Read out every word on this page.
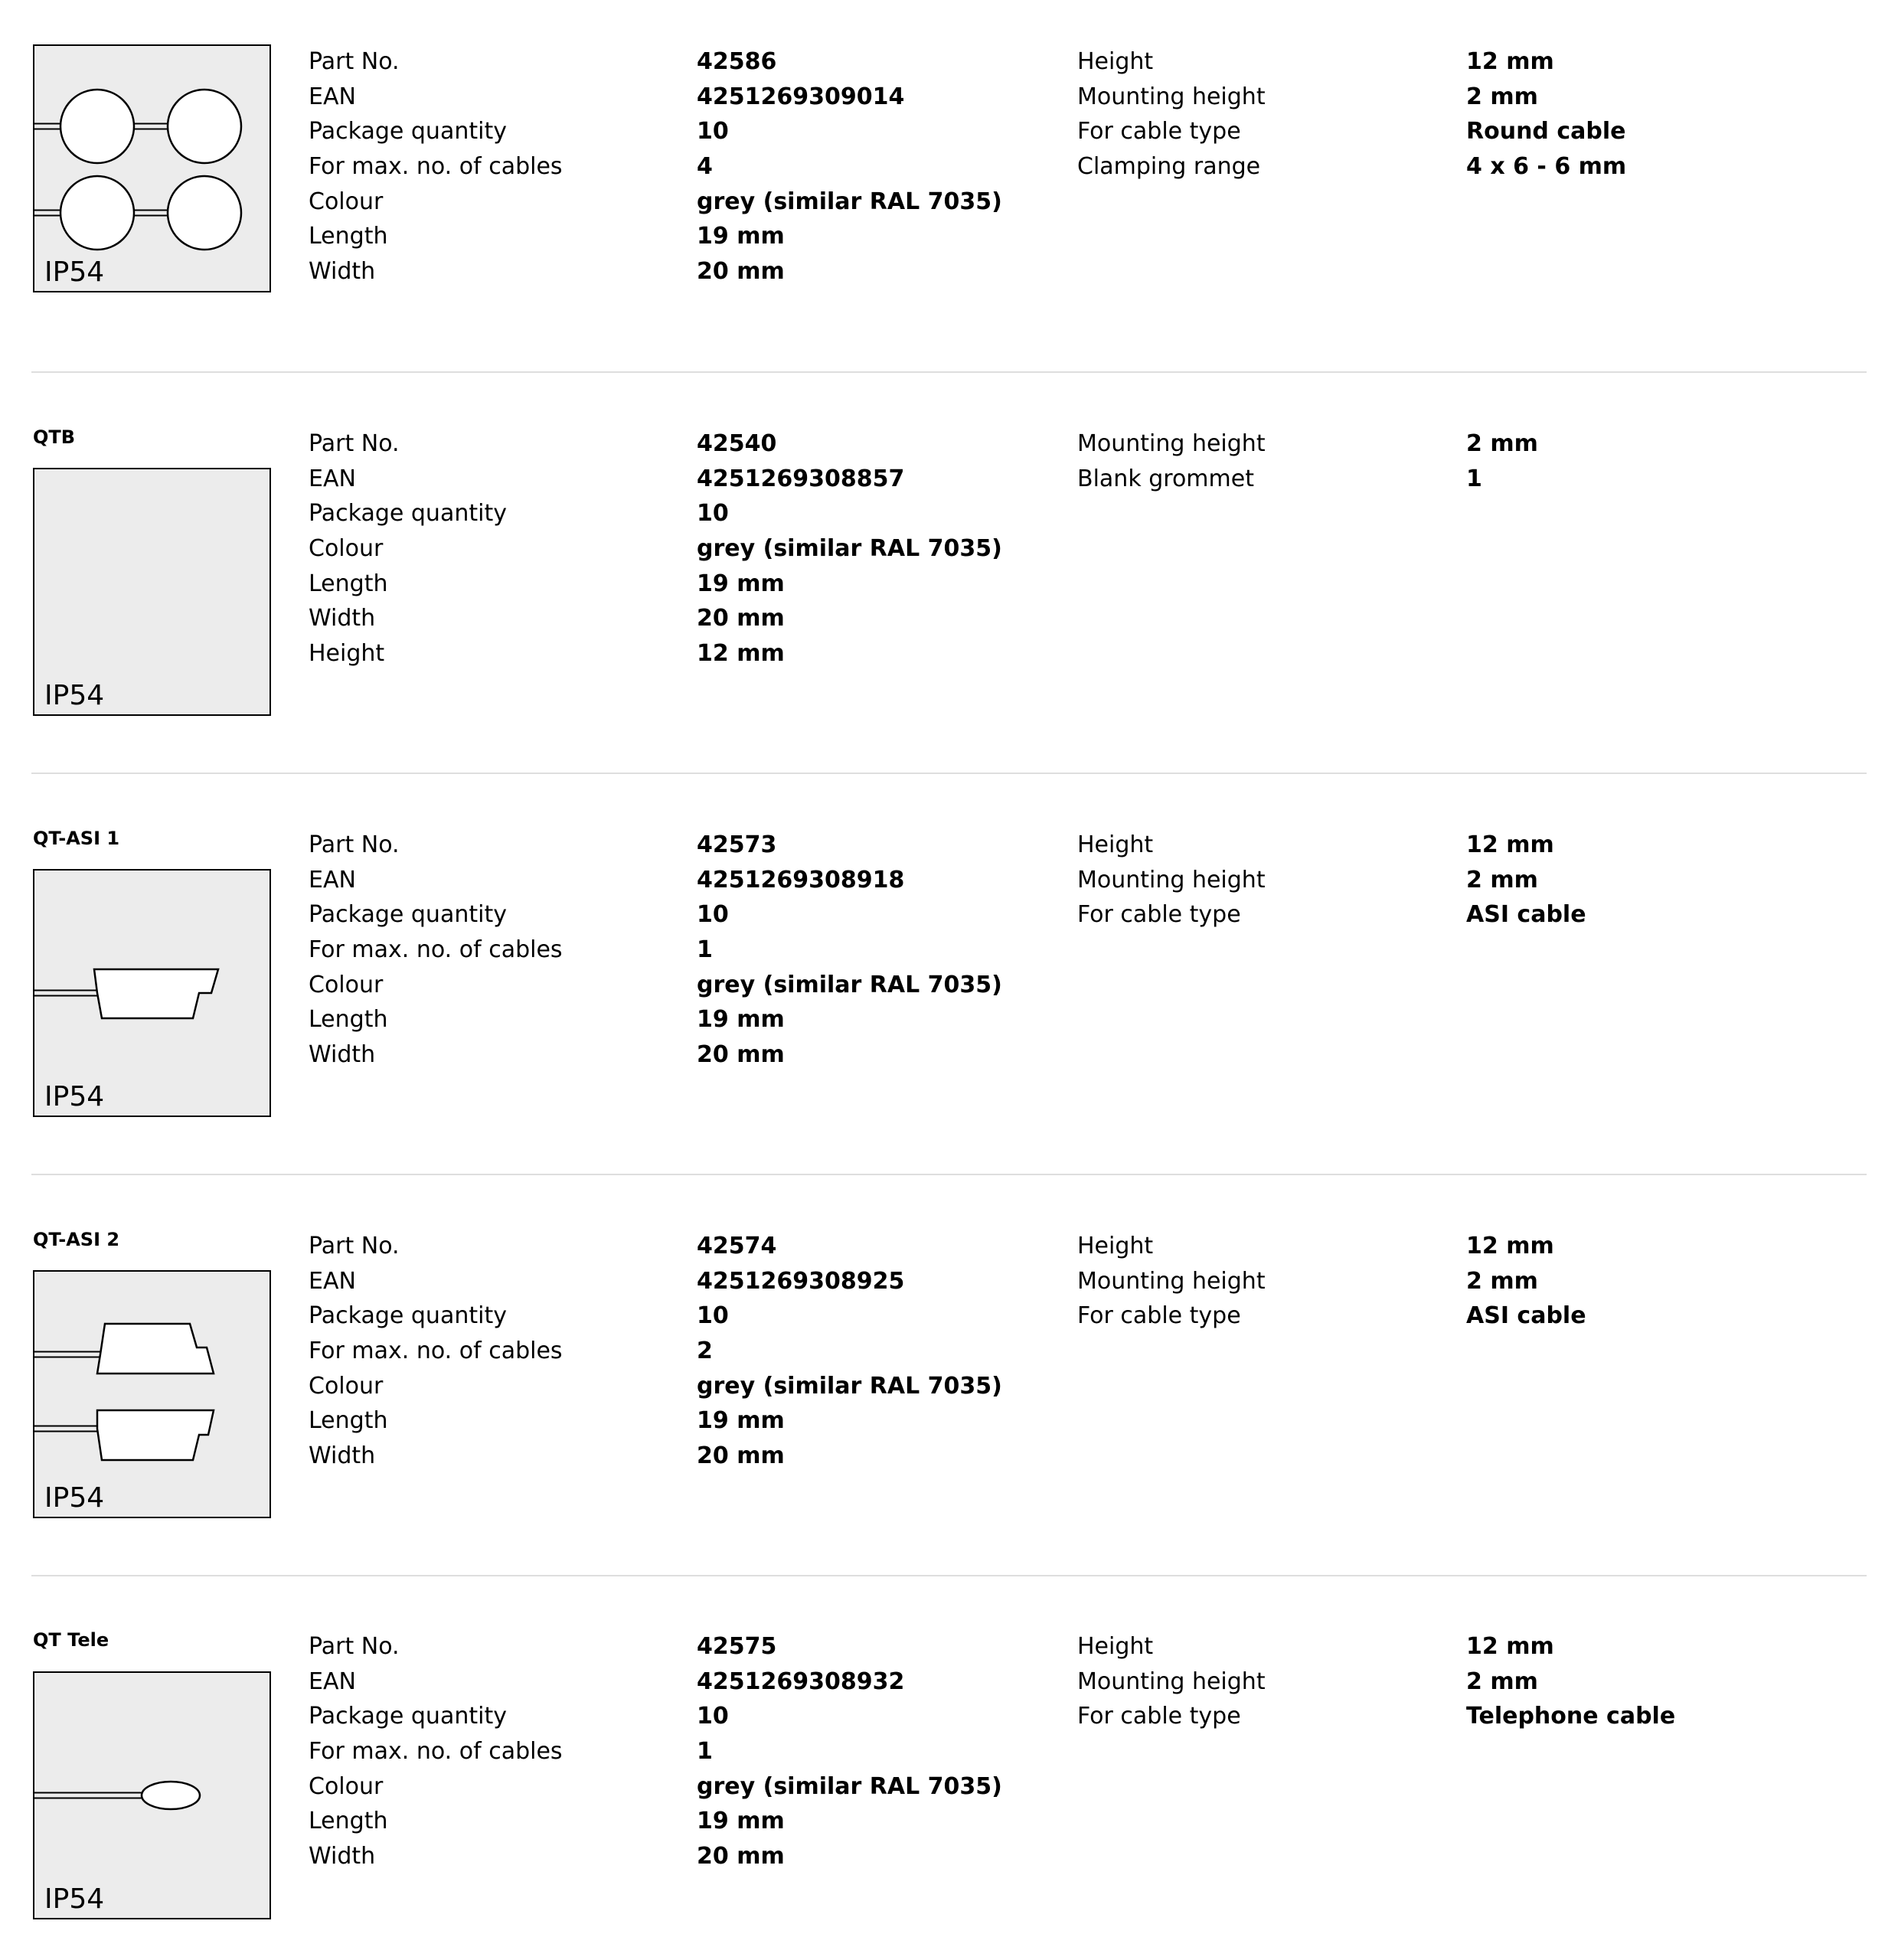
IP54
Part No.
EAN
Package quantity
For max. no. of cables
Colour
Length
Width
42586
4251269309014
10
4
grey (similar RAL 7035)
19 mm
20 mm
Height
Mounting height
For cable type
Clamping range
12 mm
2 mm
Round cable
4 x 6 - 6 mm
QTB
IP54
Part No.
EAN
Package quantity
Colour
Length
Width
Height
42540
4251269308857
10
grey (similar RAL 7035)
19 mm
20 mm
12 mm
Mounting height
Blank grommet
2 mm
1
QT-ASI 1
IP54
Part No.
EAN
Package quantity
For max. no. of cables
Colour
Length
Width
42573
4251269308918
10
1
grey (similar RAL 7035)
19 mm
20 mm
Height
Mounting height
For cable type
12 mm
2 mm
ASI cable
QT-ASI 2
IP54
Part No.
EAN
Package quantity
For max. no. of cables
Colour
Length
Width
42574
4251269308925
10
2
grey (similar RAL 7035)
19 mm
20 mm
Height
Mounting height
For cable type
12 mm
2 mm
ASI cable
QT Tele
IP54
Part No.
EAN
Package quantity
For max. no. of cables
Colour
Length
Width
42575
4251269308932
10
1
grey (similar RAL 7035)
19 mm
20 mm
Height
Mounting height
For cable type
12 mm
2 mm
Telephone cable
